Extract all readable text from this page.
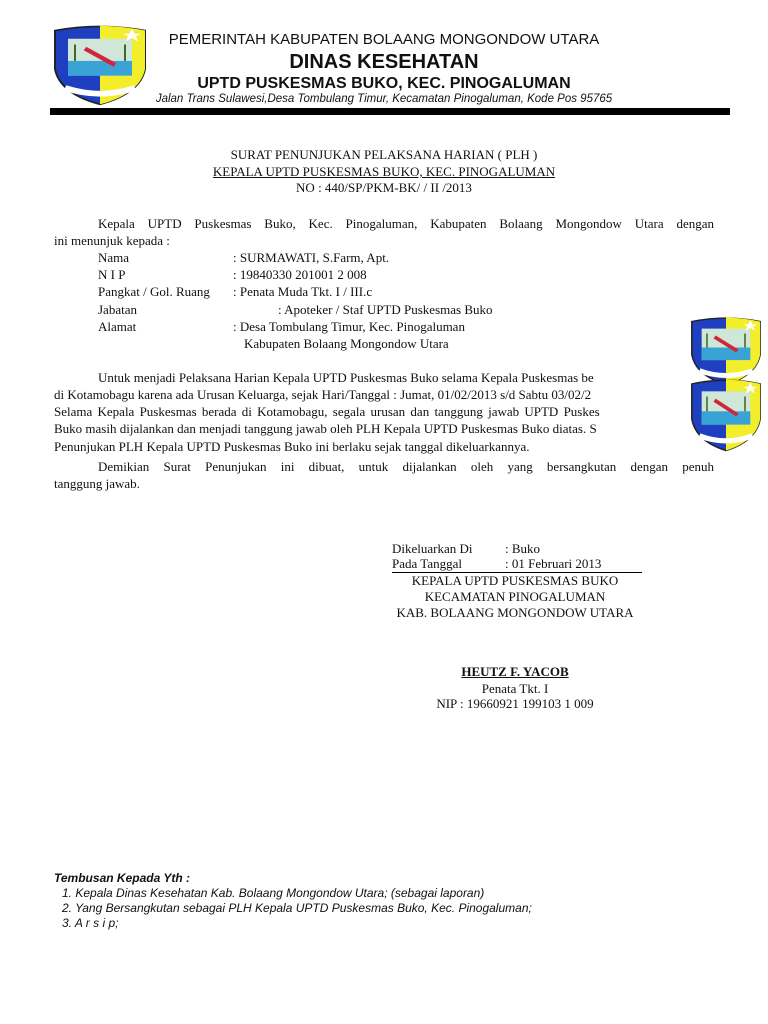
PEMERINTAH KABUPATEN BOLAANG MONGONDOW UTARA
DINAS KESEHATAN
UPTD PUSKESMAS BUKO, KEC. PINOGALUMAN
Jalan Trans Sulawesi,Desa Tombulang Timur, Kecamatan Pinogaluman, Kode Pos 95765
SURAT PENUNJUKAN PELAKSANA HARIAN ( PLH )
KEPALA UPTD PUSKESMAS BUKO, KEC. PINOGALUMAN
NO : 440/SP/PKM-BK/ / II /2013
Kepala UPTD Puskesmas Buko, Kec. Pinogaluman, Kabupaten Bolaang Mongondow Utara dengan
ini menunjuk kepada :
Nama	: SURMAWATI, S.Farm, Apt.
N I P	: 19840330 201001 2 008
Pangkat / Gol. Ruang : Penata Muda Tkt. I / III.c
Jabatan	: Apoteker / Staf UPTD Puskesmas Buko
Alamat	: Desa Tombulang Timur, Kec. Pinogaluman
Kabupaten Bolaang Mongondow Utara
Untuk menjadi Pelaksana Harian Kepala UPTD Puskesmas Buko selama Kepala Puskesmas be
di Kotamobagu karena ada Urusan Keluarga, sejak Hari/Tanggal : Jumat, 01/02/2013 s/d Sabtu 03/02/2
Selama Kepala Puskesmas berada di Kotamobagu, segala urusan dan tanggung jawab UPTD Puskes
Buko masih dijalankan dan menjadi tanggung jawab oleh PLH Kepala UPTD Puskesmas Buko diatas. S
Penunjukan PLH Kepala UPTD Puskesmas Buko ini berlaku sejak tanggal dikeluarkannya.
Demikian Surat Penunjukan ini dibuat, untuk dijalankan oleh yang bersangkutan dengan penuh
tanggung jawab.
Dikeluarkan Di : Buko
Pada Tanggal	: 01 Februari 2013
KEPALA UPTD PUSKESMAS BUKO
KECAMATAN PINOGALUMAN
KAB. BOLAANG MONGONDOW UTARA
HEUTZ F. YACOB
Penata Tkt. I
NIP : 19660921 199103 1 009
Tembusan Kepada Yth :
1. Kepala Dinas Kesehatan Kab. Bolaang Mongondow Utara; (sebagai laporan)
2. Yang Bersangkutan sebagai PLH Kepala UPTD Puskesmas Buko, Kec. Pinogaluman;
3. A r s i p;
